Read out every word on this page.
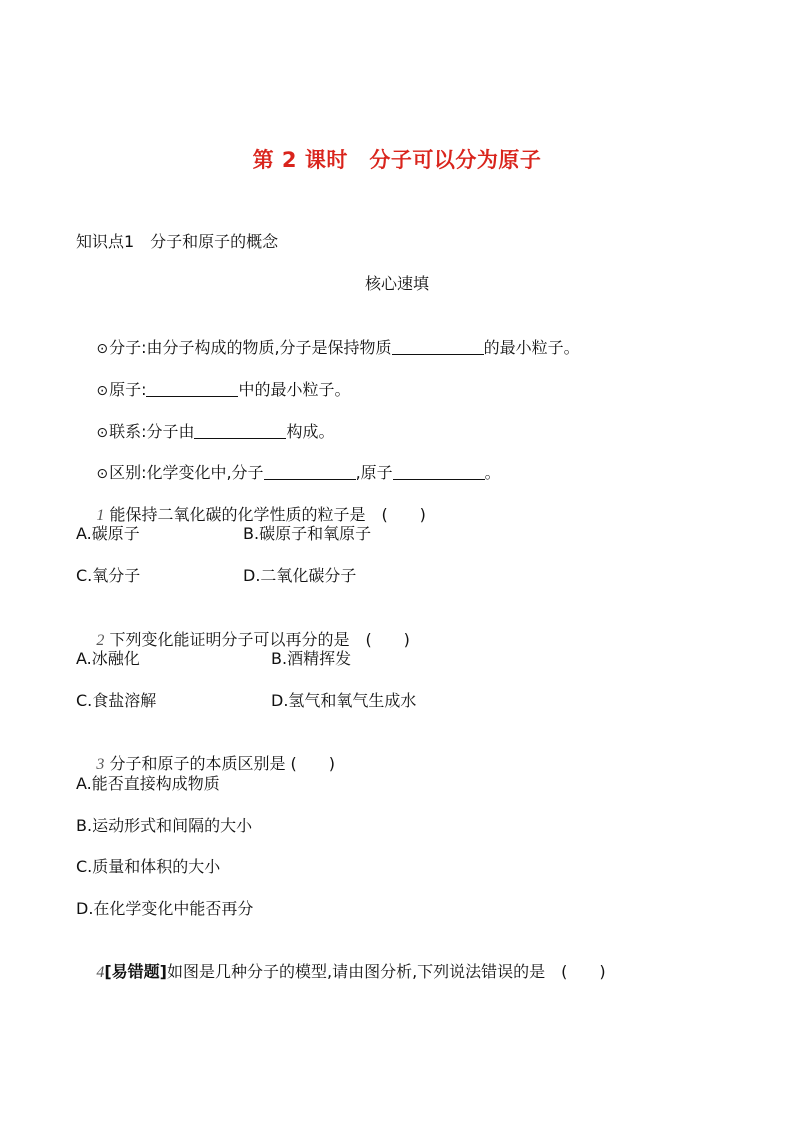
第 2 课时　分子可以分为原子
知识点1　分子和原子的概念
核心速填

⊙分子:由分子构成的物质,分子是保持物质	的最小粒子。

⊙原子:	中的最小粒子。

⊙联系:分子由	构成。

⊙区别:化学变化中,分子	,原子	。

1 能保持二氧化碳的化学性质的粒子是　(　　)

A.碳原子	B.碳原子和氧原子
C.氧分子	D.二氧化碳分子

2 下列变化能证明分子可以再分的是　(　　)

A.冰融化	B.酒精挥发
C.食盐溶解	D.氢气和氧气生成水

3 分子和原子的本质区别是 (　　)

A.能否直接构成物质
B.运动形式和间隔的大小
C.质量和体积的大小
D.在化学变化中能否再分

4[易错题]如图是几种分子的模型,请由图分析,下列说法错误的是　(　　)
